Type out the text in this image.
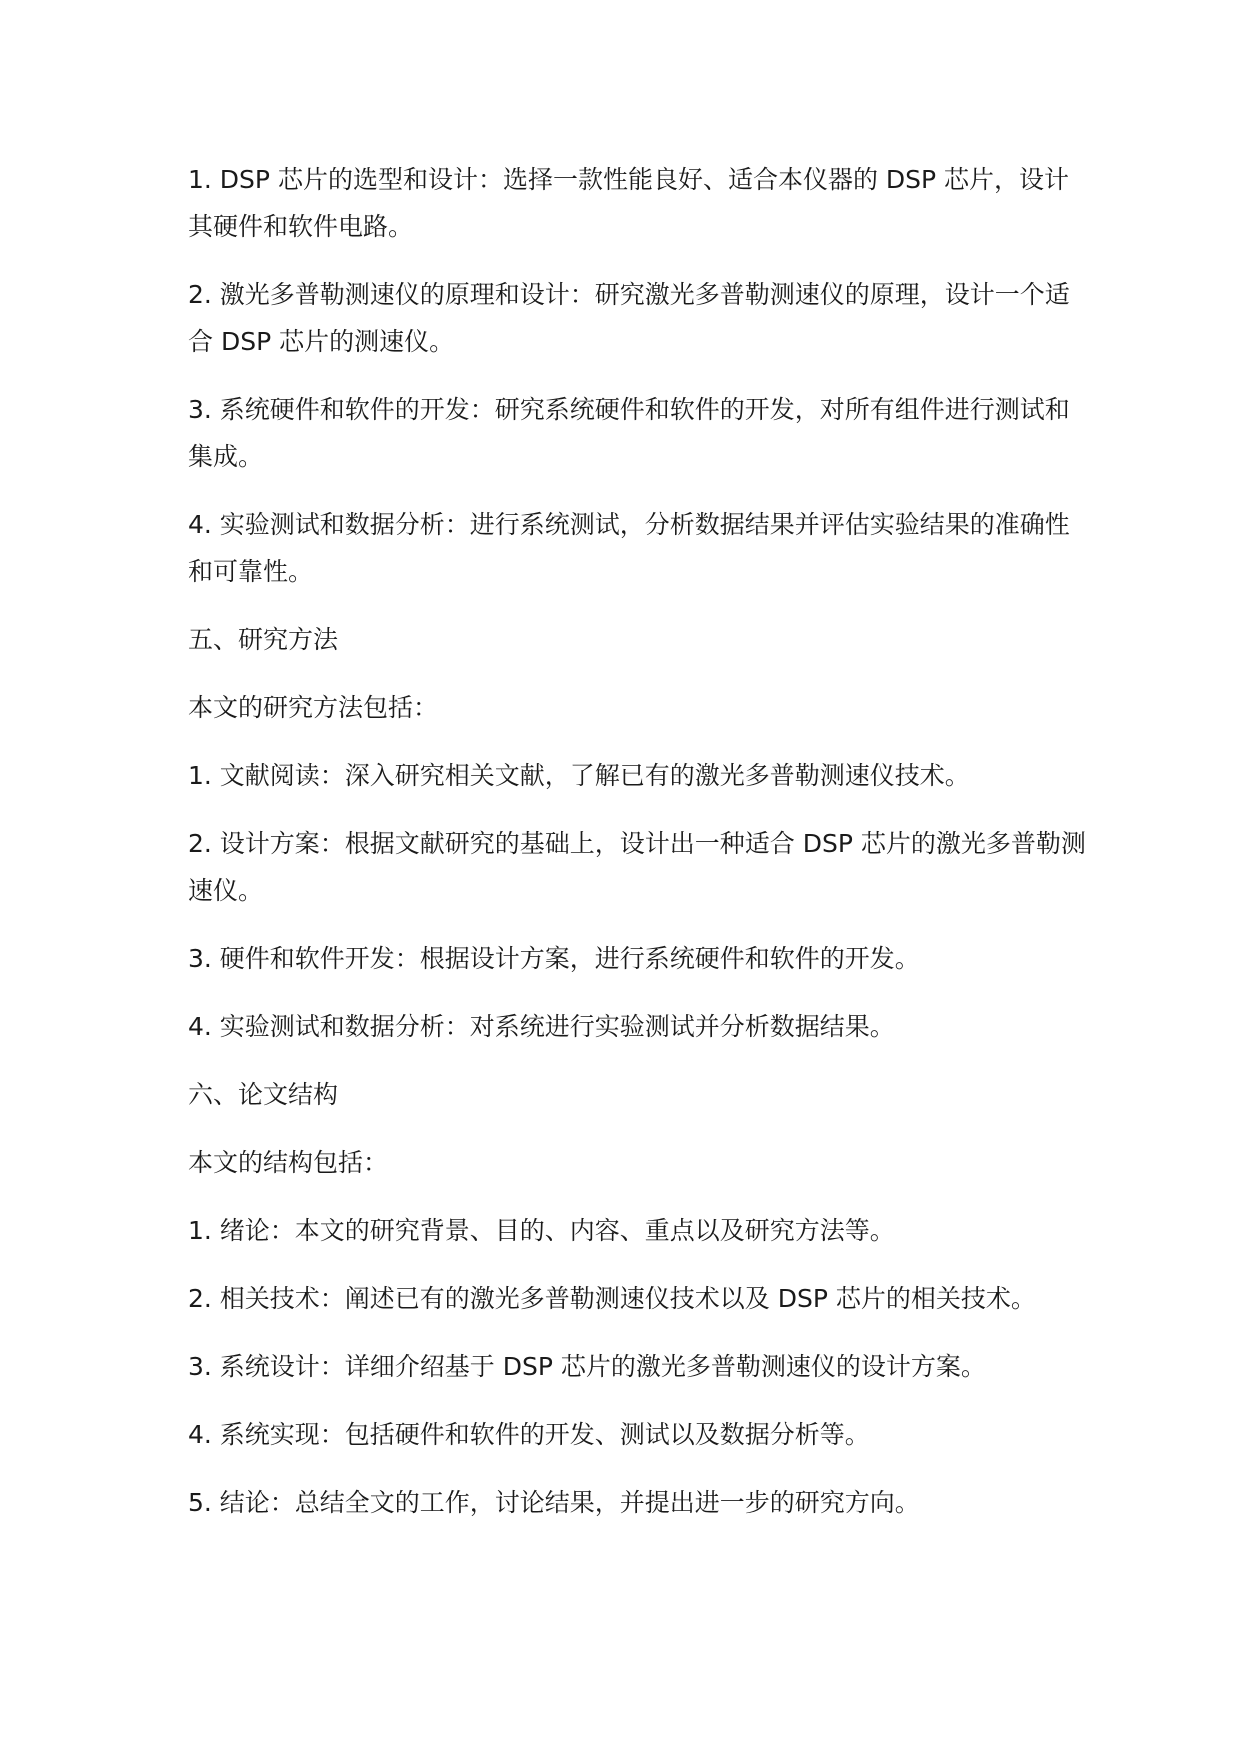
1. DSP 芯片的选型和设计：选择一款性能良好、适合本仪器的 DSP 芯片，设计其硬件和软件电路。

2. 激光多普勒测速仪的原理和设计：研究激光多普勒测速仪的原理，设计一个适合 DSP 芯片的测速仪。

3. 系统硬件和软件的开发：研究系统硬件和软件的开发，对所有组件进行测试和集成。

4. 实验测试和数据分析：进行系统测试，分析数据结果并评估实验结果的准确性和可靠性。

五、研究方法

本文的研究方法包括：

1. 文献阅读：深入研究相关文献，了解已有的激光多普勒测速仪技术。

2. 设计方案：根据文献研究的基础上，设计出一种适合 DSP 芯片的激光多普勒测速仪。

3. 硬件和软件开发：根据设计方案，进行系统硬件和软件的开发。

4. 实验测试和数据分析：对系统进行实验测试并分析数据结果。

六、论文结构

本文的结构包括：

1. 绪论：本文的研究背景、目的、内容、重点以及研究方法等。

2. 相关技术：阐述已有的激光多普勒测速仪技术以及 DSP 芯片的相关技术。

3. 系统设计：详细介绍基于 DSP 芯片的激光多普勒测速仪的设计方案。

4. 系统实现：包括硬件和软件的开发、测试以及数据分析等。

5. 结论：总结全文的工作，讨论结果，并提出进一步的研究方向。
